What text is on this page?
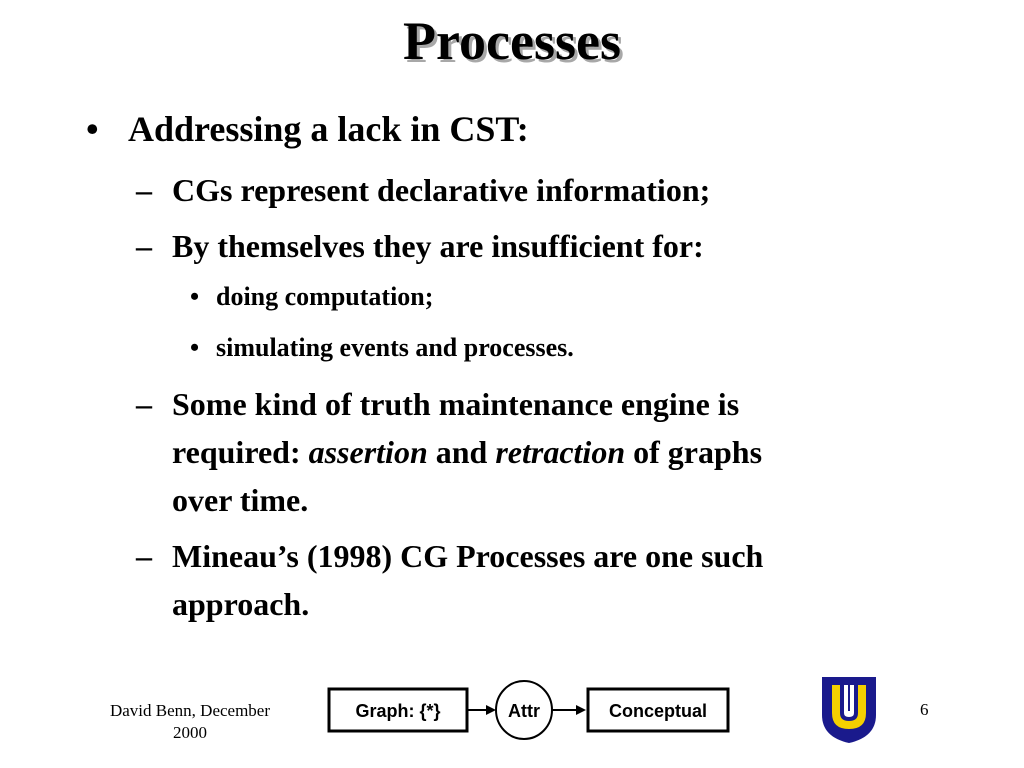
Processes
• Addressing a lack in CST:
– CGs represent declarative information;
– By themselves they are insufficient for:
• doing computation;
• simulating events and processes.
– Some kind of truth maintenance engine is
required: assertion and retraction of graphs
over time.
– Mineau’s (1998) CG Processes are one such
approach.
David Benn, December
2000
Graph: {*}	Attr	Conceptual	6
